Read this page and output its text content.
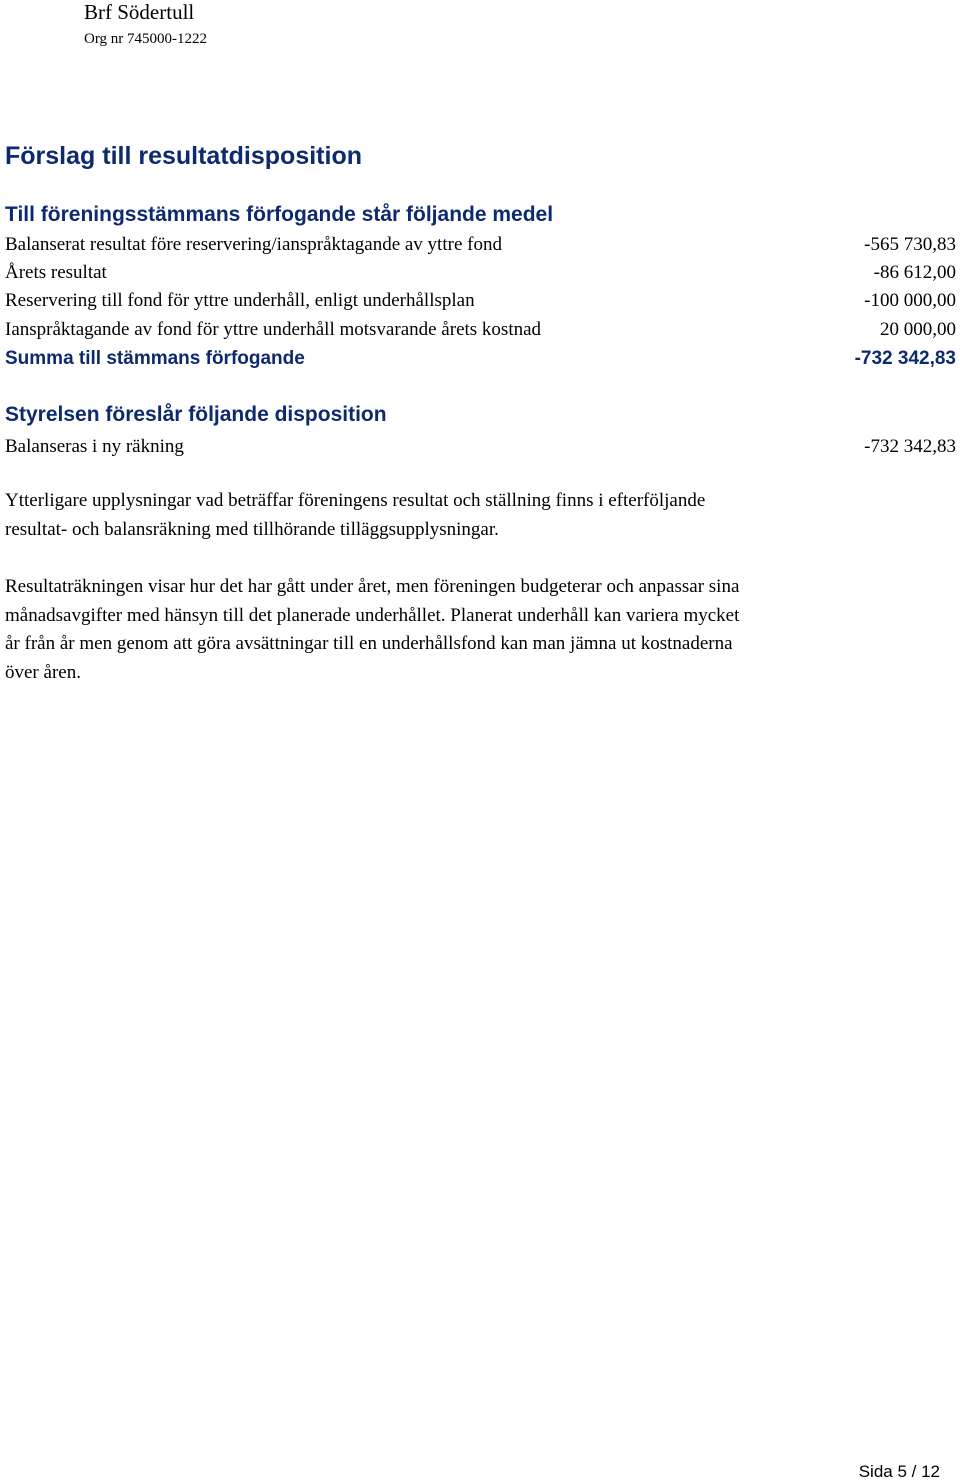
Brf Södertull
Org nr 745000-1222
Förslag till resultatdisposition
Till föreningsstämmans förfogande står följande medel
Balanserat resultat före reservering/ianspråktagande av yttre fond	-565 730,83
Årets resultat	-86 612,00
Reservering till fond för yttre underhåll, enligt underhållsplan	-100 000,00
Ianspråktagande av fond för yttre underhåll motsvarande årets kostnad	20 000,00
Summa till stämmans förfogande	-732 342,83
Styrelsen föreslår följande disposition
Balanseras i ny räkning	-732 342,83
Ytterligare upplysningar vad beträffar föreningens resultat och ställning finns i efterföljande
resultat- och balansräkning med tillhörande tilläggsupplysningar.
Resultaträkningen visar hur det har gått under året, men föreningen budgeterar och anpassar sina
månadsavgifter med hänsyn till det planerade underhållet. Planerat underhåll kan variera mycket
år från år men genom att göra avsättningar till en underhållsfond kan man jämna ut kostnaderna
över åren.
Sida 5 / 12
